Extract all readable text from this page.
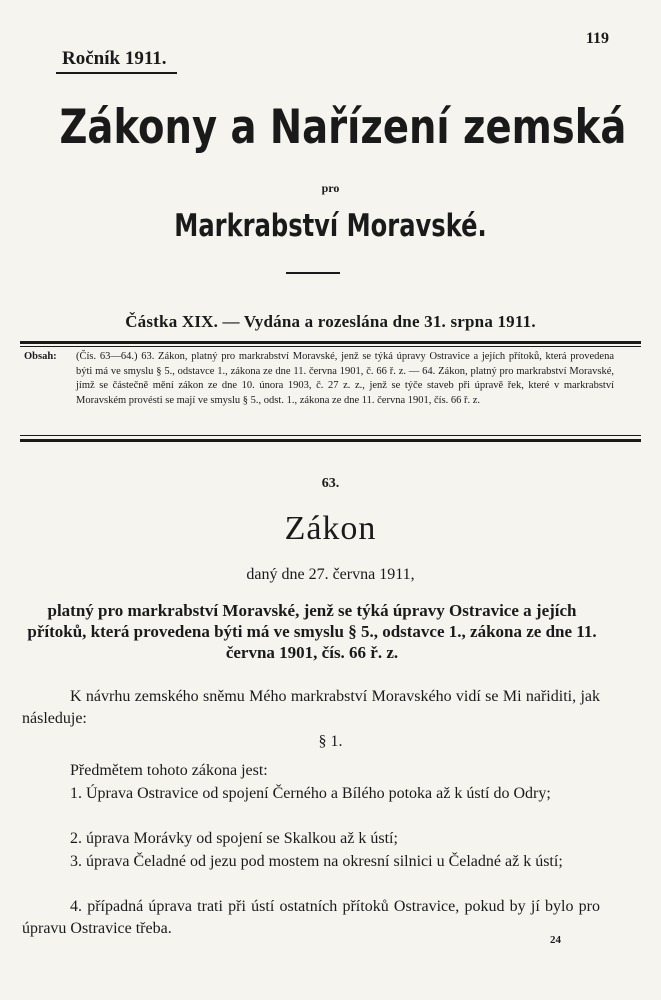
119
Ročník 1911.
Zákony a Nařízení zemská
pro
Markrabství Moravské.
Částka XIX. — Vydána a rozeslána dne 31. srpna 1911.
Obsah:	(Čís. 63—64.) 63. Zákon, platný pro markrabství Moravské, jenž se týká úpravy Ostravice a jejích přítoků, která provedena býti má ve smyslu § 5., odstavce 1., zákona ze dne 11. června 1901, č. 66 ř. z. — 64. Zákon, platný pro markrabství Moravské, jímž se částečně mění zákon ze dne 10. února 1903, č. 27 z. z., jenž se týče staveb při úpravě řek, které v markrabství Moravském provésti se mají ve smyslu § 5., odst. 1., zákona ze dne 11. června 1901, čís. 66 ř. z.
63.
Zákon
daný dne 27. června 1911,
platný pro markrabství Moravské, jenž se týká úpravy Ostravice a jejích přítoků, která provedena býti má ve smyslu § 5., odstavce 1., zákona ze dne 11. června 1901, čís. 66 ř. z.
K návrhu zemského sněmu Mého markrabství Moravského vidí se Mi nařiditi, jak následuje:
§ 1.
Předmětem tohoto zákona jest:
1. Úprava Ostravice od spojení Černého a Bílého potoka až k ústí do Odry;
2. úprava Morávky od spojení se Skalkou až k ústí;
3. úprava Čeladné od jezu pod mostem na okresní silnici u Čeladné až k ústí;
4. případná úprava trati při ústí ostatních přítoků Ostravice, pokud by jí bylo pro úpravu Ostravice třeba.
24
